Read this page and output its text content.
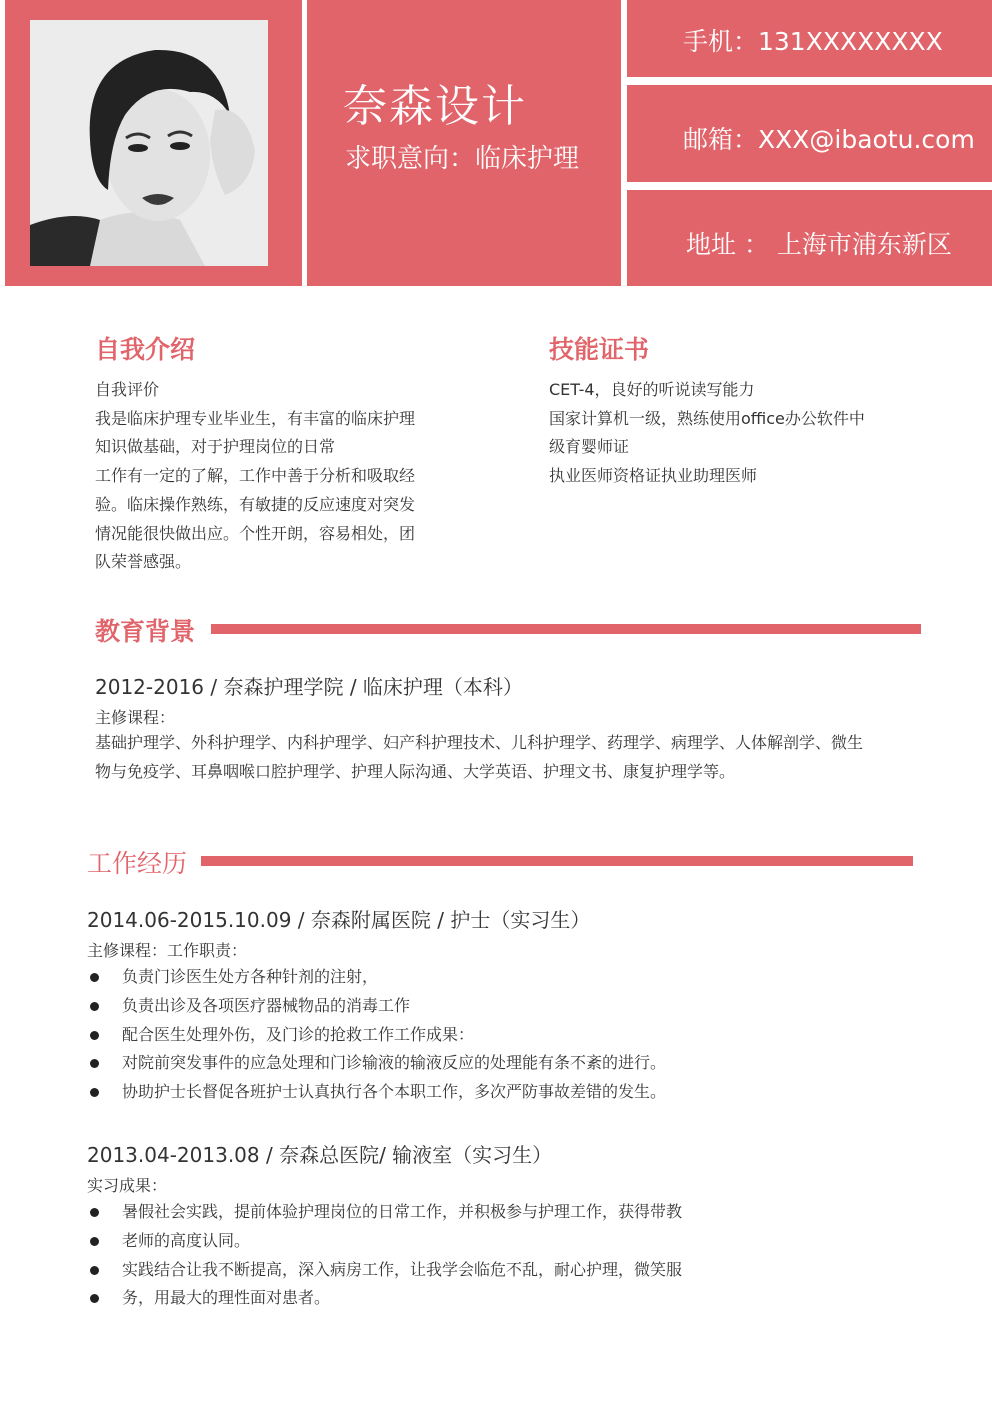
奈森设计
求职意向：临床护理
手机：131XXXXXXXX
邮箱：XXX@ibaotu.com
地址 ： 上海市浦东新区
自我介绍
自我评价
我是临床护理专业毕业生，有丰富的临床护理
知识做基础，对于护理岗位的日常
工作有一定的了解，工作中善于分析和吸取经
验。临床操作熟练，有敏捷的反应速度对突发
情况能很快做出应。个性开朗，容易相处，团
队荣誉感强。
技能证书
CET-4，良好的听说读写能力
国家计算机一级，熟练使用office办公软件中
级育婴师证
执业医师资格证执业助理医师
教育背景
2012-2016 / 奈森护理学院 / 临床护理（本科）
主修课程：
基础护理学、外科护理学、内科护理学、妇产科护理技术、儿科护理学、药理学、病理学、人体解剖学、微生
物与免疫学、耳鼻咽喉口腔护理学、护理人际沟通、大学英语、护理文书、康复护理学等。
工作经历
2014.06-2015.10.09 / 奈森附属医院 / 护士（实习生）
主修课程：工作职责：
负责门诊医生处方各种针剂的注射，
负责出诊及各项医疗器械物品的消毒工作
配合医生处理外伤，及门诊的抢救工作工作成果：
对院前突发事件的应急处理和门诊输液的输液反应的处理能有条不紊的进行。
协助护士长督促各班护士认真执行各个本职工作，多次严防事故差错的发生。
2013.04-2013.08 / 奈森总医院/ 输液室（实习生）
实习成果：
暑假社会实践，提前体验护理岗位的日常工作，并积极参与护理工作，获得带教
老师的高度认同。
实践结合让我不断提高，深入病房工作，让我学会临危不乱，耐心护理，微笑服
务，用最大的理性面对患者。
